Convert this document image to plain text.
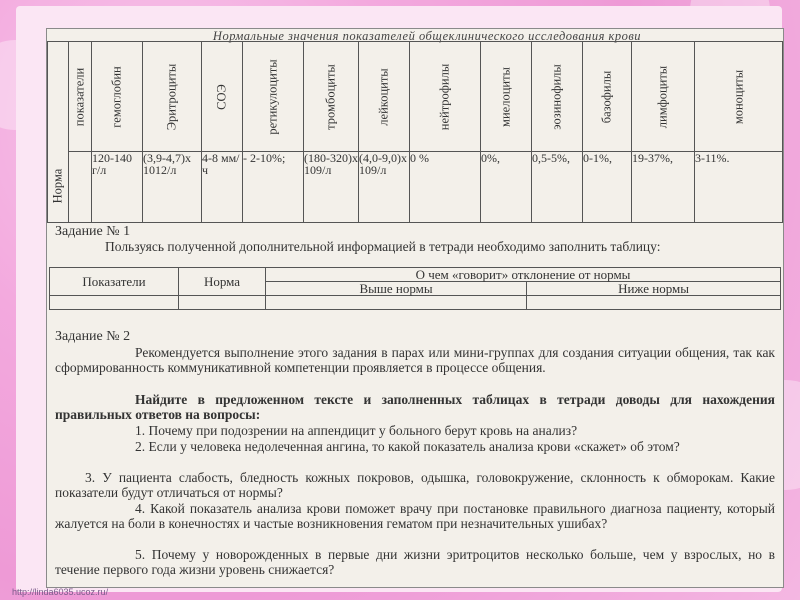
Нормальные значения показателей общеклинического исследования крови
Норма	показатели	гемоглобин	Эритроциты	СОЭ	ретикулоциты	тромбоциты	лейкоциты	нейтрофилы	миелоциты	эозинофилы	базофилы	лимфоциты	моноциты

		120-140 г/л	(3,9-4,7)х 1012/л	4-8 мм/ч	- 2-10%;	(180-320)х 109/л	(4,0-9,0)х 109/л	0 %	0%,	0,5-5%,	0-1%,	19-37%,	3-11%.
Задание № 1
Пользуясь полученной дополнительной информацией в тетради необходимо заполнить таблицу:
Показатели	Норма	О чем «говорит» отклонение от нормы	
		Выше нормы	Ниже нормы

Задание № 2
Рекомендуется выполнение этого задания в парах или мини-группах для создания ситуации общения, так как сформированность коммуникативной компетенции проявляется в процессе общения.
Найдите в предложенном тексте и заполненных таблицах в тетради доводы для нахождения правильных ответов на вопросы:
1. Почему при подозрении на аппендицит у больного берут кровь на анализ?
2. Если у человека недолеченная ангина, то какой показатель анализа крови «скажет» об этом?
3. У пациента слабость, бледность кожных покровов, одышка, головокружение, склонность к обморокам. Какие показатели будут отличаться от нормы?
4. Какой показатель анализа крови поможет врачу при постановке правильного диагноза пациенту, который жалуется на боли в конечностях и частые возникновения гематом при незначительных ушибах?
5. Почему у новорожденных в первые дни жизни эритроцитов несколько больше, чем у взрослых, но в течение первого года жизни уровень снижается?
http://linda6035.ucoz.ru/
